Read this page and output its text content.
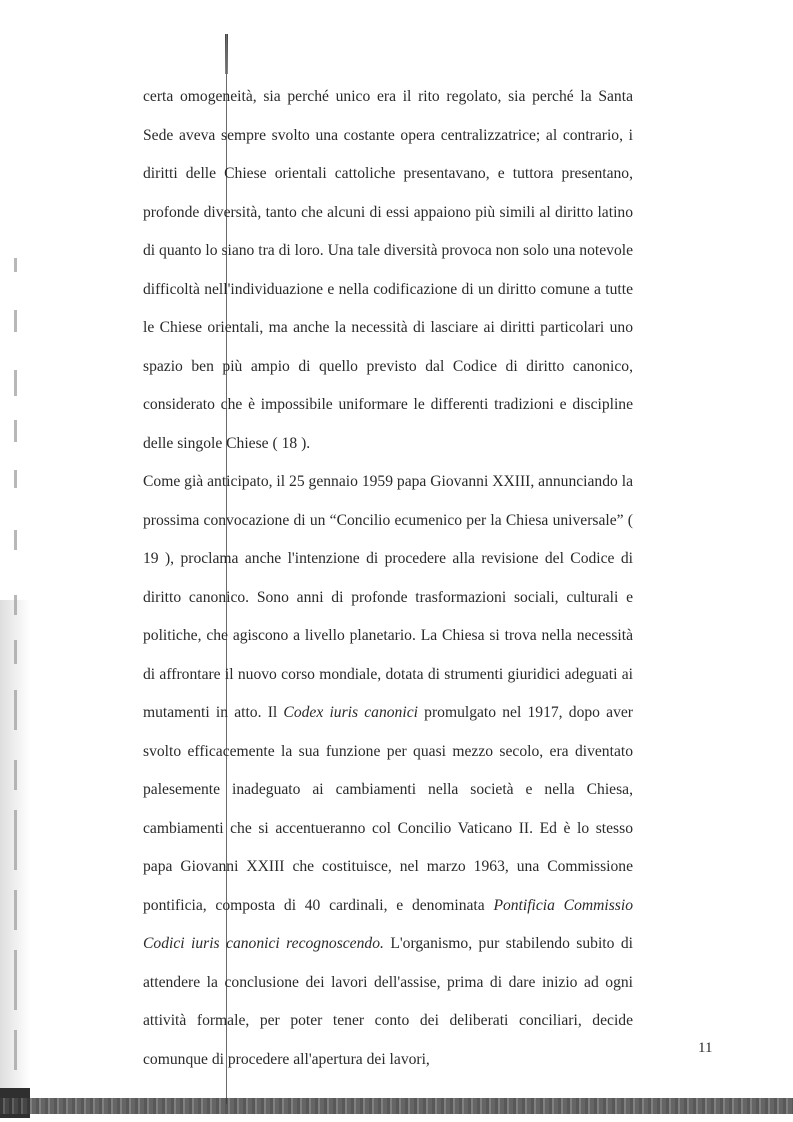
certa omogeneità, sia perché unico era il rito regolato, sia perché la Santa Sede aveva sempre svolto una costante opera centralizzatrice; al contrario, i diritti delle Chiese orientali cattoliche presentavano, e tuttora presentano, profonde diversità, tanto che alcuni di essi appaiono più simili al diritto latino di quanto lo siano tra di loro. Una tale diversità provoca non solo una notevole difficoltà nell'individuazione e nella codificazione di un diritto comune a tutte le Chiese orientali, ma anche la necessità di lasciare ai diritti particolari uno spazio ben più ampio di quello previsto dal Codice di diritto canonico, considerato che è impossibile uniformare le differenti tradizioni e discipline delle singole Chiese ( 18 ).

Come già anticipato, il 25 gennaio 1959 papa Giovanni XXIII, annunciando la prossima convocazione di un “Concilio ecumenico per la Chiesa universale” ( 19 ), proclama anche l'intenzione di procedere alla revisione del Codice di diritto canonico. Sono anni di profonde trasformazioni sociali, culturali e politiche, che agiscono a livello planetario. La Chiesa si trova nella necessità di affrontare il nuovo corso mondiale, dotata di strumenti giuridici adeguati ai mutamenti in atto. Il Codex iuris canonici promulgato nel 1917, dopo aver svolto efficacemente la sua funzione per quasi mezzo secolo, era diventato palesemente inadeguato ai cambiamenti nella società e nella Chiesa, cambiamenti che si accentueranno col Concilio Vaticano II. Ed è lo stesso papa Giovanni XXIII che costituisce, nel marzo 1963, una Commissione pontificia, composta di 40 cardinali, e denominata Pontificia Commissio Codici iuris canonici recognoscendo. L'organismo, pur stabilendo subito di attendere la conclusione dei lavori dell'assise, prima di dare inizio ad ogni attività formale, per poter tener conto dei deliberati conciliari, decide comunque di procedere all'apertura dei lavori,

11
